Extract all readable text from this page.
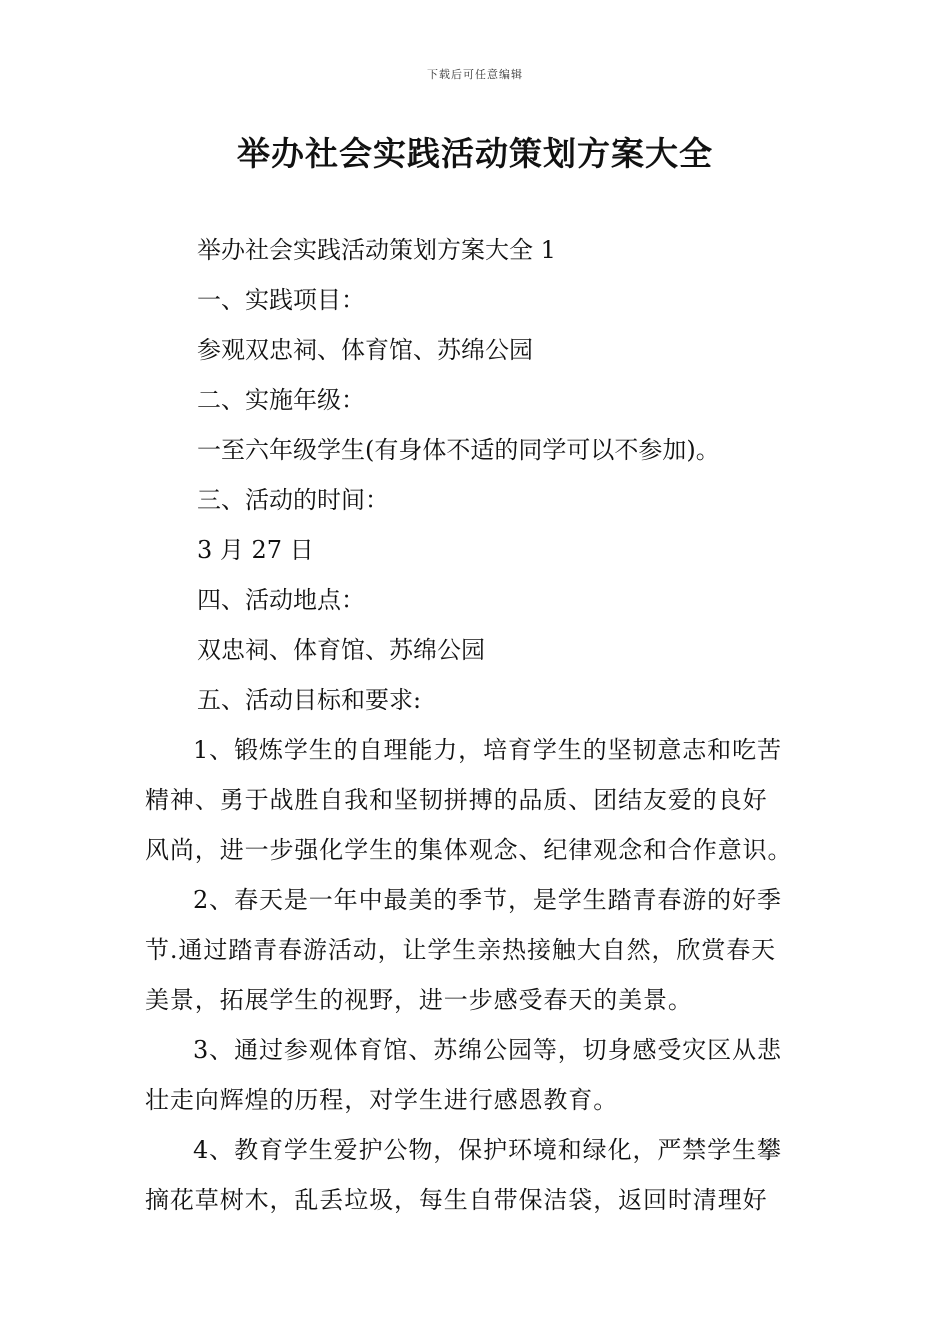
下载后可任意编辑
举办社会实践活动策划方案大全

举办社会实践活动策划方案大全 1

一、实践项目：

参观双忠祠、体育馆、苏绵公园

二、实施年级：

一至六年级学生(有身体不适的同学可以不参加)。

三、活动的时间：

3 月 27 日

四、活动地点：

双忠祠、体育馆、苏绵公园

五、活动目标和要求:

1、锻炼学生的自理能力，培育学生的坚韧意志和吃苦
精神、勇于战胜自我和坚韧拼搏的品质、团结友爱的良好
风尚，进一步强化学生的集体观念、纪律观念和合作意识。
2、春天是一年中最美的季节，是学生踏青春游的好季
节.通过踏青春游活动，让学生亲热接触大自然，欣赏春天
美景，拓展学生的视野，进一步感受春天的美景。
3、通过参观体育馆、苏绵公园等，切身感受灾区从悲
壮走向辉煌的历程，对学生进行感恩教育。
4、教育学生爱护公物，保护环境和绿化，严禁学生攀
摘花草树木，乱丢垃圾，每生自带保洁袋，返回时清理好
